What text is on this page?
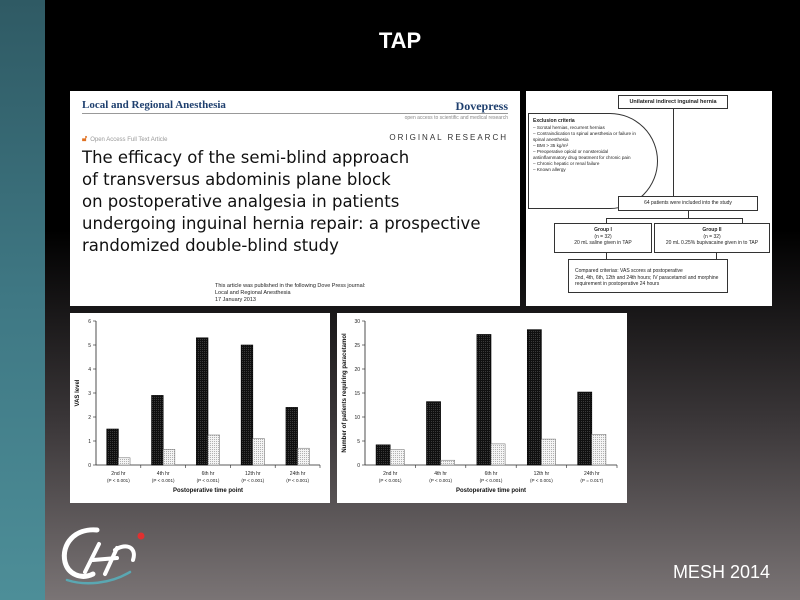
TAP
Local and Regional Anesthesia	Dovepress
open access to scientific and medical research
🔓︎ Open Access Full Text Article	ORIGINAL RESEARCH
The efficacy of the semi-blind approach
of transversus abdominis plane block
on postoperative analgesia in patients
undergoing inguinal hernia repair: a prospective
randomized double-blind study
This article was published in the following Dove Press journal:
Local and Regional Anesthesia
17 January 2013
Unilateral indirect inguinal hernia
Exclusion criteria
– Scrotal hernias, recurrent hernias
– Contraindication to spinal anesthesia or failure in spinal anesthesia
– BMI > 35 kg/m²
– Preoperative opioid or nonsteroidal antiinflammatory drug treatment for chronic pain
– Chronic hepatic or renal failure
– Known allergy
64 patients were included into the study
Group I
(n = 32)
20 mL saline given in TAP
Group II
(n = 32)
20 mL 0.25% bupivacaine given in to TAP
Compared criterias: VAS scores at postoperative
2nd, 4th, 6th, 12th and 24th hours; IV paracetamol and morphine
requirement in postoperative 24 hours
0
1
2
3
4
5
6
2nd hr
(P < 0.001)
4th hr
(P < 0.001)
6th hr
(P < 0.001)
12th hr
(P < 0.001)
24th hr
(P < 0.001)
Postoperative time point
VAS level
0
5
10
15
20
25
30
2nd hr
(P < 0.001)
4th hr
(P < 0.001)
6th hr
(P < 0.001)
12th hr
(P < 0.001)
24th hr
(P = 0.017)
Postoperative time point
Number of patients requiring paracetamol
MESH 2014
